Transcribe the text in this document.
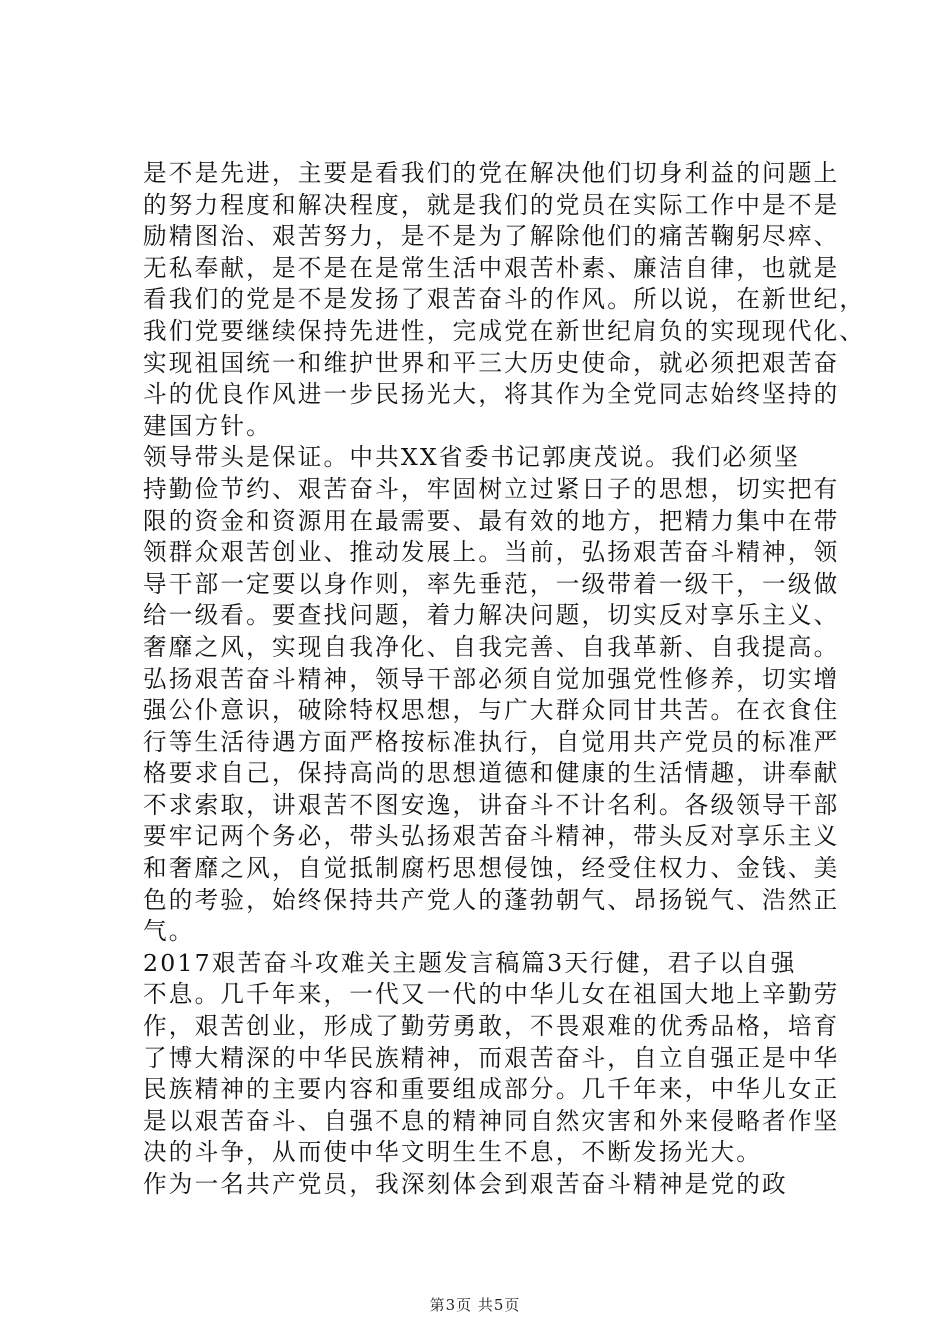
是不是先进，主要是看我们的党在解决他们切身利益的问题上
的努力程度和解决程度，就是我们的党员在实际工作中是不是
励精图治、艰苦努力，是不是为了解除他们的痛苦鞠躬尽瘁、
无私奉献，是不是在是常生活中艰苦朴素、廉洁自律，也就是
看我们的党是不是发扬了艰苦奋斗的作风。所以说，在新世纪，
我们党要继续保持先进性，完成党在新世纪肩负的实现现代化、
实现祖国统一和维护世界和平三大历史使命，就必须把艰苦奋
斗的优良作风进一步民扬光大，将其作为全党同志始终坚持的
建国方针。
领导带头是保证。中共XX省委书记郭庚茂说。我们必须坚
持勤俭节约、艰苦奋斗，牢固树立过紧日子的思想，切实把有
限的资金和资源用在最需要、最有效的地方，把精力集中在带
领群众艰苦创业、推动发展上。当前，弘扬艰苦奋斗精神，领
导干部一定要以身作则，率先垂范，一级带着一级干，一级做
给一级看。要查找问题，着力解决问题，切实反对享乐主义、
奢靡之风，实现自我净化、自我完善、自我革新、自我提高。
弘扬艰苦奋斗精神，领导干部必须自觉加强党性修养，切实增
强公仆意识，破除特权思想，与广大群众同甘共苦。在衣食住
行等生活待遇方面严格按标准执行，自觉用共产党员的标准严
格要求自己，保持高尚的思想道德和健康的生活情趣，讲奉献
不求索取，讲艰苦不图安逸，讲奋斗不计名利。各级领导干部
要牢记两个务必，带头弘扬艰苦奋斗精神，带头反对享乐主义
和奢靡之风，自觉抵制腐朽思想侵蚀，经受住权力、金钱、美
色的考验，始终保持共产党人的蓬勃朝气、昂扬锐气、浩然正
气。
2017艰苦奋斗攻难关主题发言稿篇3天行健，君子以自强
不息。几千年来，一代又一代的中华儿女在祖国大地上辛勤劳
作，艰苦创业，形成了勤劳勇敢，不畏艰难的优秀品格，培育
了博大精深的中华民族精神，而艰苦奋斗，自立自强正是中华
民族精神的主要内容和重要组成部分。几千年来，中华儿女正
是以艰苦奋斗、自强不息的精神同自然灾害和外来侵略者作坚
决的斗争，从而使中华文明生生不息，不断发扬光大。
作为一名共产党员，我深刻体会到艰苦奋斗精神是党的政
第3页 共5页
